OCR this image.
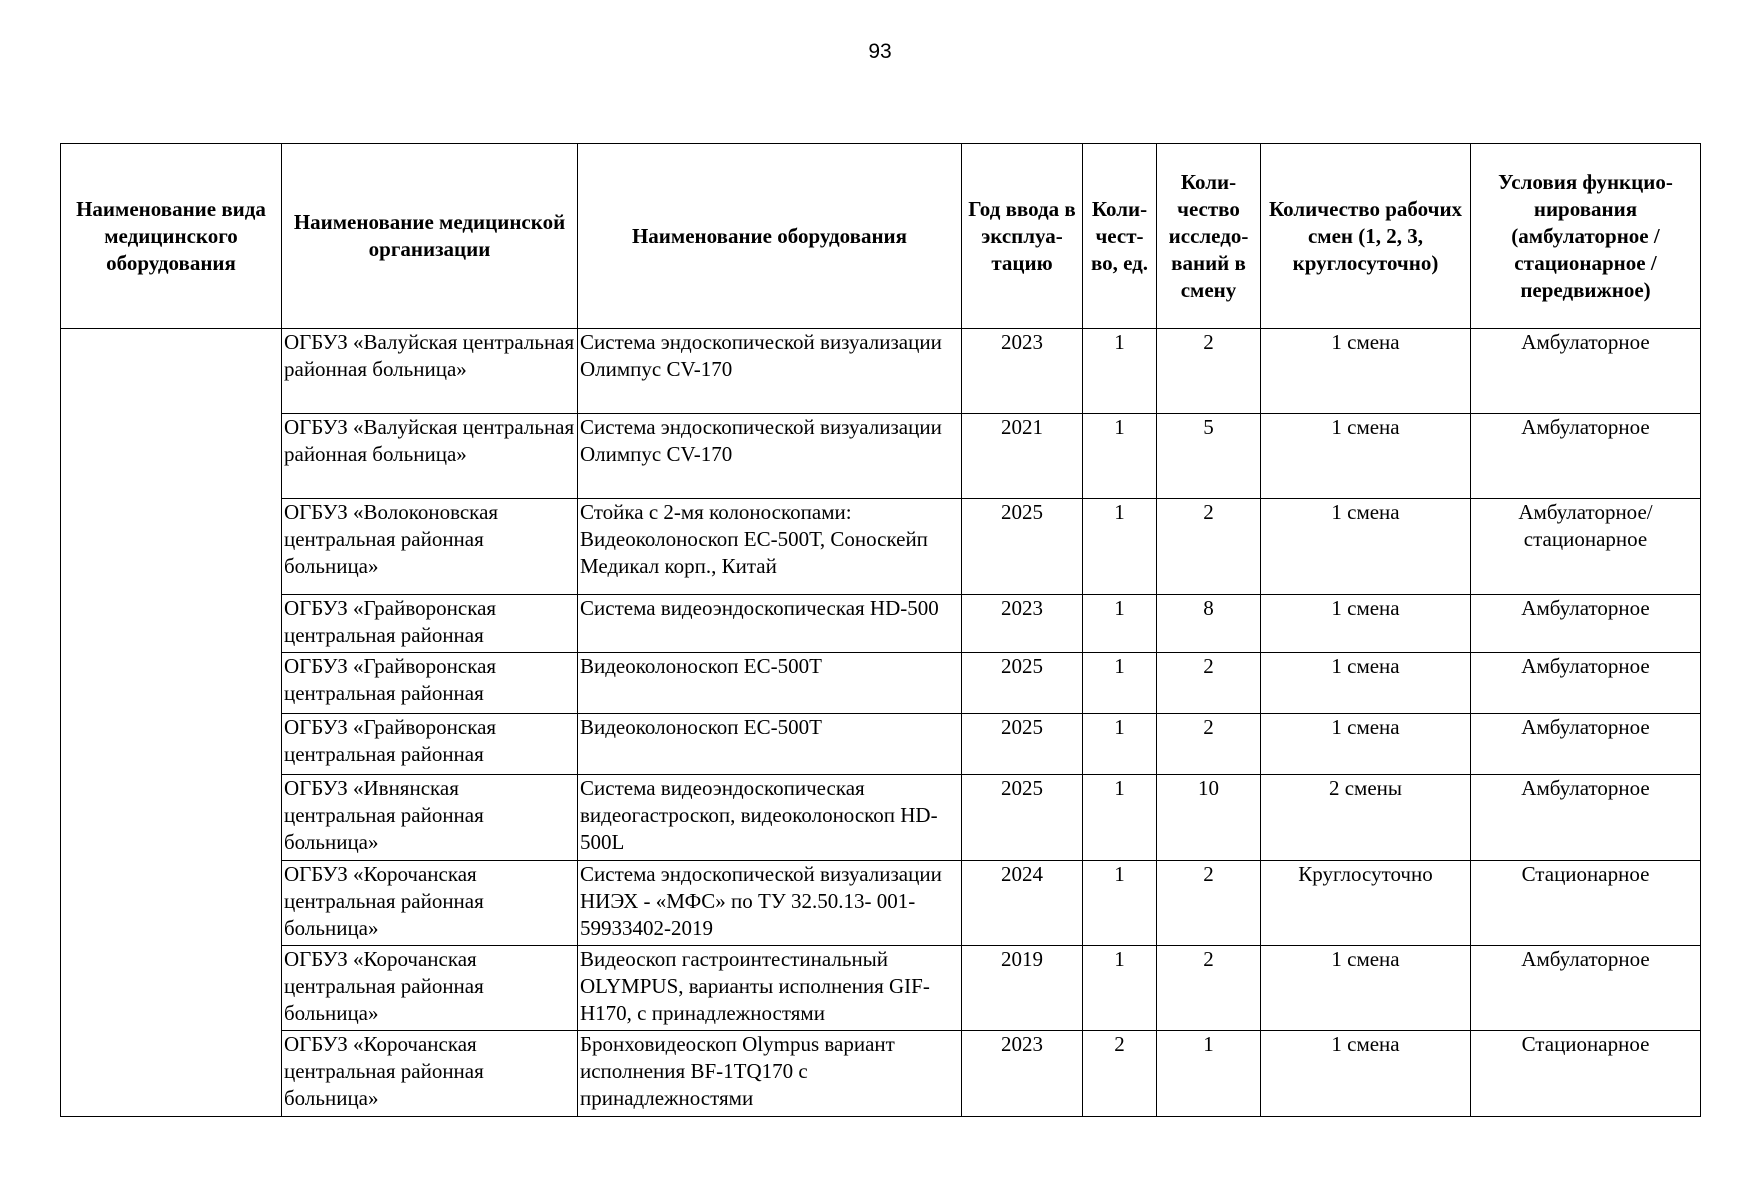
93
Наименование вида медицинского оборудования	Наименование медицинской организации	Наименование оборудования	Год ввода в эксплуа-тацию	Коли-чест-во, ед.	Коли-чество исследо-ваний в смену	Количество рабочих смен (1, 2, 3, круглосуточно)	Условия функцио-нирования (амбулаторное / стационарное / передвижное)
	ОГБУЗ «Валуйская центральная районная больница»	Система эндоскопической визуализации Олимпус CV-170	2023	1	2	1 смена	Амбулаторное
	ОГБУЗ «Валуйская центральная районная больница»	Система эндоскопической визуализации Олимпус CV-170	2021	1	5	1 смена	Амбулаторное
	ОГБУЗ «Волоконовская центральная районная больница»	Стойка с 2-мя колоноскопами: Видеоколоноскоп ЕС-500Т, Соноскейп Медикал корп., Китай	2025	1	2	1 смена	Амбулаторное/ стационарное
	ОГБУЗ «Грайворонская центральная районная	Система видеоэндоскопическая HD-500	2023	1	8	1 смена	Амбулаторное
	ОГБУЗ «Грайворонская центральная районная	Видеоколоноскоп ЕС-500Т	2025	1	2	1 смена	Амбулаторное
	ОГБУЗ «Грайворонская центральная районная	Видеоколоноскоп ЕС-500Т	2025	1	2	1 смена	Амбулаторное
	ОГБУЗ «Ивнянская центральная районная больница»	Система видеоэндоскопическая видеогастроскоп, видеоколоноскоп HD-500L	2025	1	10	2 смены	Амбулаторное
	ОГБУЗ «Корочанская центральная районная больница»	Система эндоскопической визуализации НИЭХ - «МФС» по ТУ 32.50.13- 001-59933402-2019	2024	1	2	Круглосуточно	Стационарное
	ОГБУЗ «Корочанская центральная районная больница»	Видеоскоп гастроинтестинальный OLYMPUS, варианты исполнения GIF-H170, с принадлежностями	2019	1	2	1 смена	Амбулаторное
	ОГБУЗ «Корочанская центральная районная больница»	Бронховидеоскоп Olympus вариант исполнения BF-1TQ170 с принадлежностями	2023	2	1	1 смена	Стационарное
